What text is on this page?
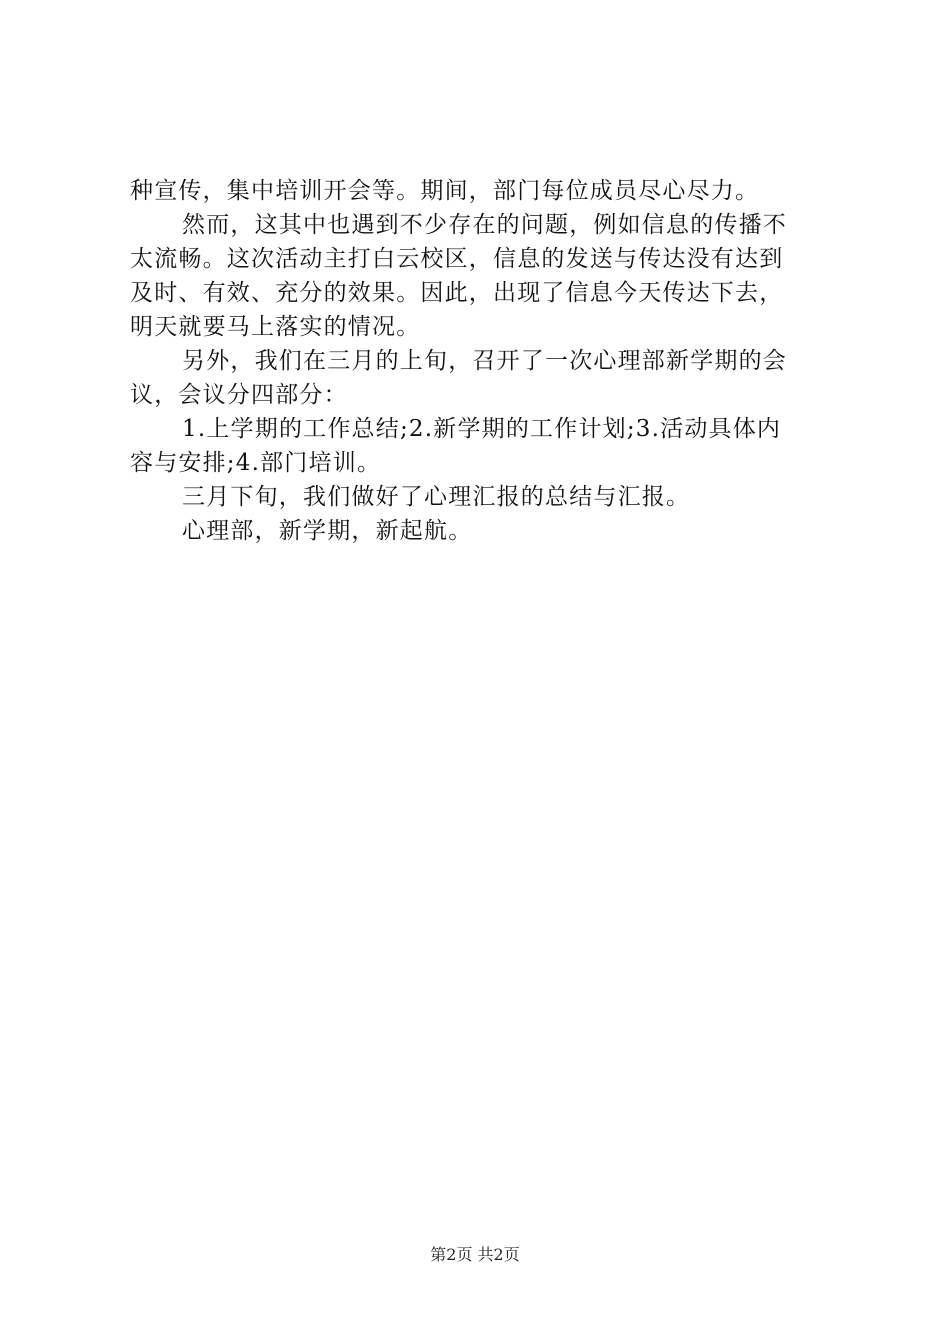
种宣传，集中培训开会等。期间，部门每位成员尽心尽力。
然而，这其中也遇到不少存在的问题，例如信息的传播不
太流畅。这次活动主打白云校区，信息的发送与传达没有达到
及时、有效、充分的效果。因此，出现了信息今天传达下去，
明天就要马上落实的情况。
另外，我们在三月的上旬，召开了一次心理部新学期的会
议，会议分四部分：
1.上学期的工作总结;2.新学期的工作计划;3.活动具体内
容与安排;4.部门培训。
三月下旬，我们做好了心理汇报的总结与汇报。
心理部，新学期，新起航。
第2页 共2页
